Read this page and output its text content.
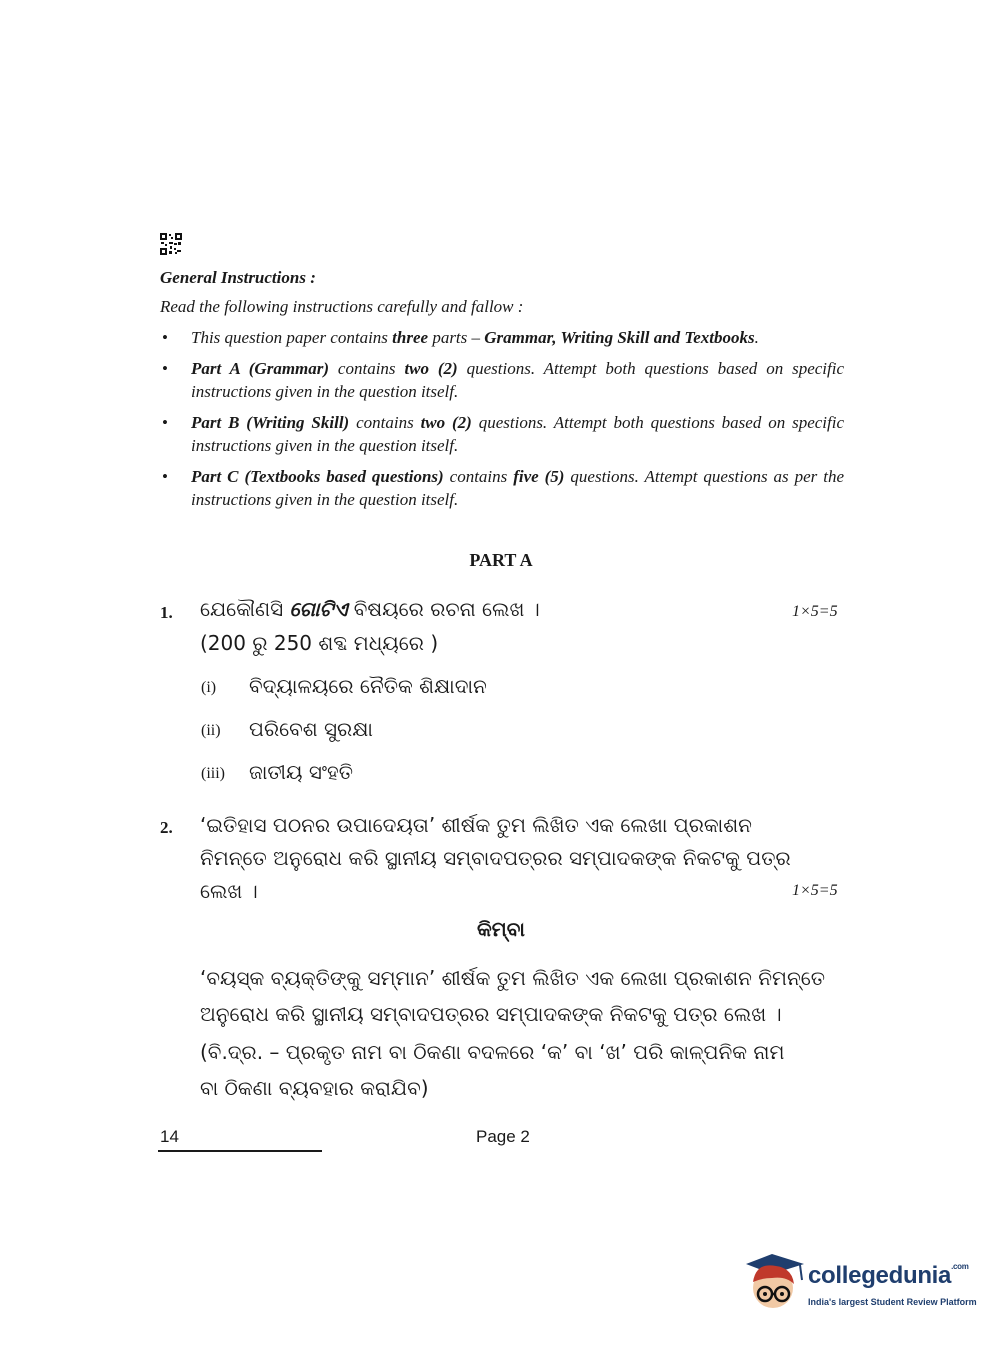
General Instructions :
Read the following instructions carefully and fallow :
• This question paper contains three parts – Grammar, Writing Skill and Textbooks.
• Part A (Grammar) contains two (2) questions. Attempt both questions based on specific instructions given in the question itself.
• Part B (Writing Skill) contains two (2) questions. Attempt both questions based on specific instructions given in the question itself.
• Part C (Textbooks based questions) contains five (5) questions. Attempt questions as per the instructions given in the question itself.
PART A
1. ଯେକୌଣସି ଗୋଟିଏ ବିଷୟରେ ରଚନା ଲେଖ ।	1×5=5
(200 ରୁ 250 ଶବ୍ଦ ମଧ୍ୟରେ )
(i) ବିଦ୍ୟାଳୟରେ ନୈତିକ ଶିକ୍ଷାଦାନ
(ii) ପରିବେଶ ସୁରକ୍ଷା
(iii) ଜାତୀୟ ସଂହତି
2. ‘ଇତିହାସ ପଠନର ଉପାଦେୟତା’ ଶୀର୍ଷକ ତୁମ ଲିଖିତ ଏକ ଲେଖା ପ୍ରକାଶନ
ନିମନ୍ତେ ଅନୁରୋଧ କରି ସ୍ଥାନୀୟ ସମ୍ବାଦପତ୍ରର ସମ୍ପାଦକଙ୍କ ନିକଟକୁ ପତ୍ର
ଲେଖ ।	1×5=5
କିମ୍ବା
‘ବୟସ୍କ ବ୍ୟକ୍ତିଙ୍କୁ ସମ୍ମାନ’ ଶୀର୍ଷକ ତୁମ ଲିଖିତ ଏକ ଲେଖା ପ୍ରକାଶନ ନିମନ୍ତେ
ଅନୁରୋଧ କରି ସ୍ଥାନୀୟ ସମ୍ବାଦପତ୍ରର ସମ୍ପାଦକଙ୍କ ନିକଟକୁ ପତ୍ର ଲେଖ ।
(ବି.ଦ୍ର. – ପ୍ରକୃତ ନାମ ବା ଠିକଣା ବଦଳରେ ‘କ’ ବା ‘ଖ’ ପରି କାଳ୍ପନିକ ନାମ
ବା ଠିକଣା ବ୍ୟବହାର କରାଯିବ)
14	Page 2
collegedunia$^{.com}$
India's largest Student Review Platform
